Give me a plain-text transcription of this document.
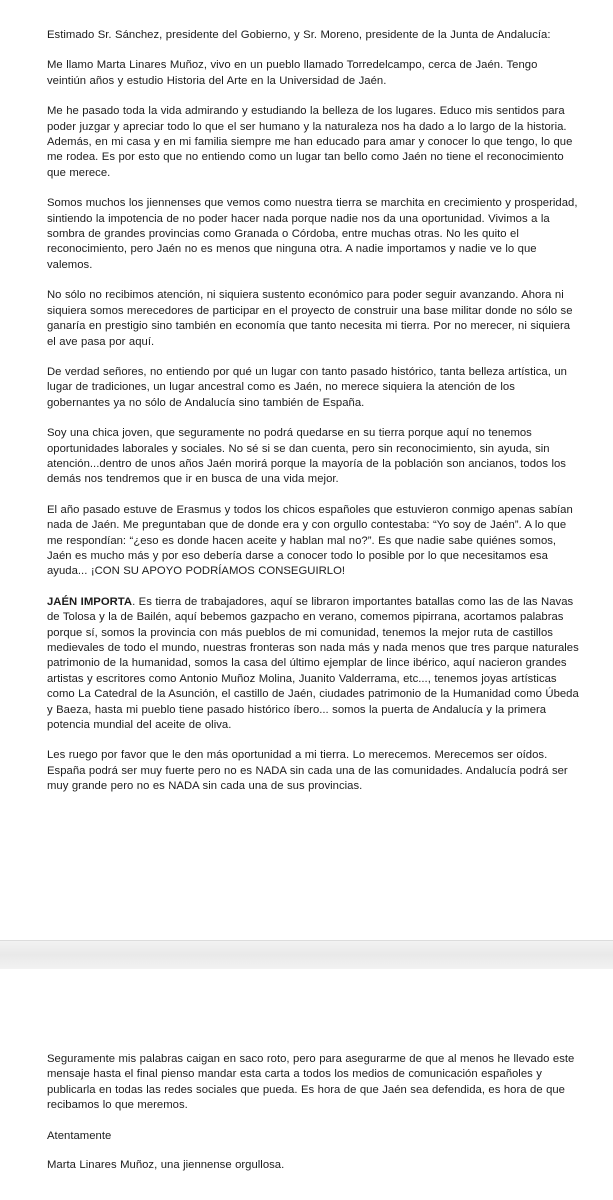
Estimado Sr. Sánchez, presidente del Gobierno, y Sr. Moreno, presidente de la Junta de Andalucía:

Me llamo Marta Linares Muñoz, vivo en un pueblo llamado Torredelcampo, cerca de Jaén. Tengo veintiún años y estudio Historia del Arte en la Universidad de Jaén.

Me he pasado toda la vida admirando y estudiando la belleza de los lugares. Educo mis sentidos para poder juzgar y apreciar todo lo que el ser humano y la naturaleza nos ha dado a lo largo de la historia. Además, en mi casa y en mi familia siempre me han educado para amar y conocer lo que tengo, lo que me rodea. Es por esto que no entiendo como un lugar tan bello como Jaén no tiene el reconocimiento que merece.

Somos muchos los jiennenses que vemos como nuestra tierra se marchita en crecimiento y prosperidad, sintiendo la impotencia de no poder hacer nada porque nadie nos da una oportunidad. Vivimos a la sombra de grandes provincias como Granada o Córdoba, entre muchas otras. No les quito el reconocimiento, pero Jaén no es menos que ninguna otra. A nadie importamos y nadie ve lo que valemos.

No sólo no recibimos atención, ni siquiera sustento económico para poder seguir avanzando. Ahora ni siquiera somos merecedores de participar en el proyecto de construir una base militar donde no sólo se ganaría en prestigio sino también en economía que tanto necesita mi tierra. Por no merecer, ni siquiera el ave pasa por aquí.

De verdad señores, no entiendo por qué un lugar con tanto pasado histórico, tanta belleza artística, un lugar de tradiciones, un lugar ancestral como es Jaén, no merece siquiera la atención de los gobernantes ya no sólo de Andalucía sino también de España.

Soy una chica joven, que seguramente no podrá quedarse en su tierra porque aquí no tenemos oportunidades laborales y sociales. No sé si se dan cuenta, pero sin reconocimiento, sin ayuda, sin atención...dentro de unos años Jaén morirá porque la mayoría de la población son ancianos, todos los demás nos tendremos que ir en busca de una vida mejor.

El año pasado estuve de Erasmus y todos los chicos españoles que estuvieron conmigo apenas sabían nada de Jaén. Me preguntaban que de donde era y con orgullo contestaba: “Yo soy de Jaén”. A lo que me respondían: “¿eso es donde hacen aceite y hablan mal no?”. Es que nadie sabe quiénes somos, Jaén es mucho más y por eso debería darse a conocer todo lo posible por lo que necesitamos esa ayuda... ¡CON SU APOYO PODRÍAMOS CONSEGUIRLO!

JAÉN IMPORTA. Es tierra de trabajadores, aquí se libraron importantes batallas como las de las Navas de Tolosa y la de Bailén, aquí bebemos gazpacho en verano, comemos pipirrana, acortamos palabras porque sí, somos la provincia con más pueblos de mi comunidad, tenemos la mejor ruta de castillos medievales de todo el mundo, nuestras fronteras son nada más y nada menos que tres parque naturales patrimonio de la humanidad, somos la casa del último ejemplar de lince ibérico, aquí nacieron grandes artistas y escritores como Antonio Muñoz Molina, Juanito Valderrama, etc..., tenemos joyas artísticas como La Catedral de la Asunción, el castillo de Jaén, ciudades patrimonio de la Humanidad como Úbeda y Baeza, hasta mi pueblo tiene pasado histórico íbero... somos la puerta de Andalucía y la primera potencia mundial del aceite de oliva.

Les ruego por favor que le den más oportunidad a mi tierra. Lo merecemos. Merecemos ser oídos. España podrá ser muy fuerte pero no es NADA sin cada una de las comunidades. Andalucía podrá ser muy grande pero no es NADA sin cada una de sus provincias.

Seguramente mis palabras caigan en saco roto, pero para asegurarme de que al menos he llevado este mensaje hasta el final pienso mandar esta carta a todos los medios de comunicación españoles y publicarla en todas las redes sociales que pueda. Es hora de que Jaén sea defendida, es hora de que recibamos lo que meremos.

Atentamente

Marta Linares Muñoz, una jiennense orgullosa.
